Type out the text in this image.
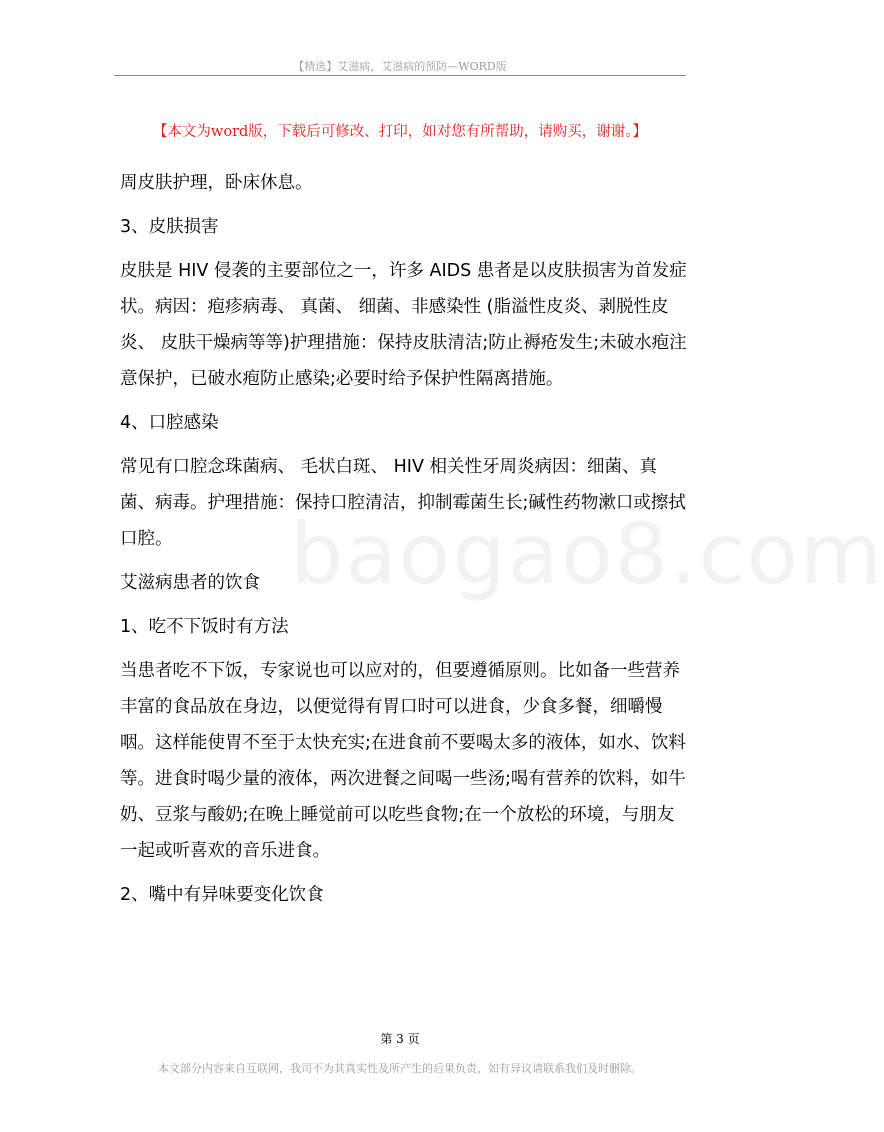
【精选】艾滋病，艾滋病的预防—WORD版
【本文为word版，下载后可修改、打印，如对您有所帮助，请购买，谢谢。】
baogao8.com

周皮肤护理，卧床休息。

3、皮肤损害

皮肤是 HIV 侵袭的主要部位之一，许多 AIDS 患者是以皮肤损害为首发症状。病因：疱疹病毒、 真菌、 细菌、非感染性 (脂溢性皮炎、剥脱性皮炎、 皮肤干燥病等等)护理措施：保持皮肤清洁;防止褥疮发生;未破水疱注意保护，已破水疱防止感染;必要时给予保护性隔离措施。

4、口腔感染

常见有口腔念珠菌病、 毛状白斑、 HIV 相关性牙周炎病因：细菌、真菌、病毒。护理措施：保持口腔清洁，抑制霉菌生长;碱性药物漱口或擦拭口腔。

艾滋病患者的饮食

1、吃不下饭时有方法

当患者吃不下饭，专家说也可以应对的，但要遵循原则。比如备一些营养丰富的食品放在身边，以便觉得有胃口时可以进食，少食多餐，细嚼慢咽。这样能使胃不至于太快充实;在进食前不要喝太多的液体，如水、饮料等。进食时喝少量的液体，两次进餐之间喝一些汤;喝有营养的饮料，如牛奶、豆浆与酸奶;在晚上睡觉前可以吃些食物;在一个放松的环境，与朋友一起或听喜欢的音乐进食。

2、嘴中有异味要变化饮食

第 3 页
本文部分内容来自互联网，我司不为其真实性及所产生的后果负责，如有异议请联系我们及时删除。
